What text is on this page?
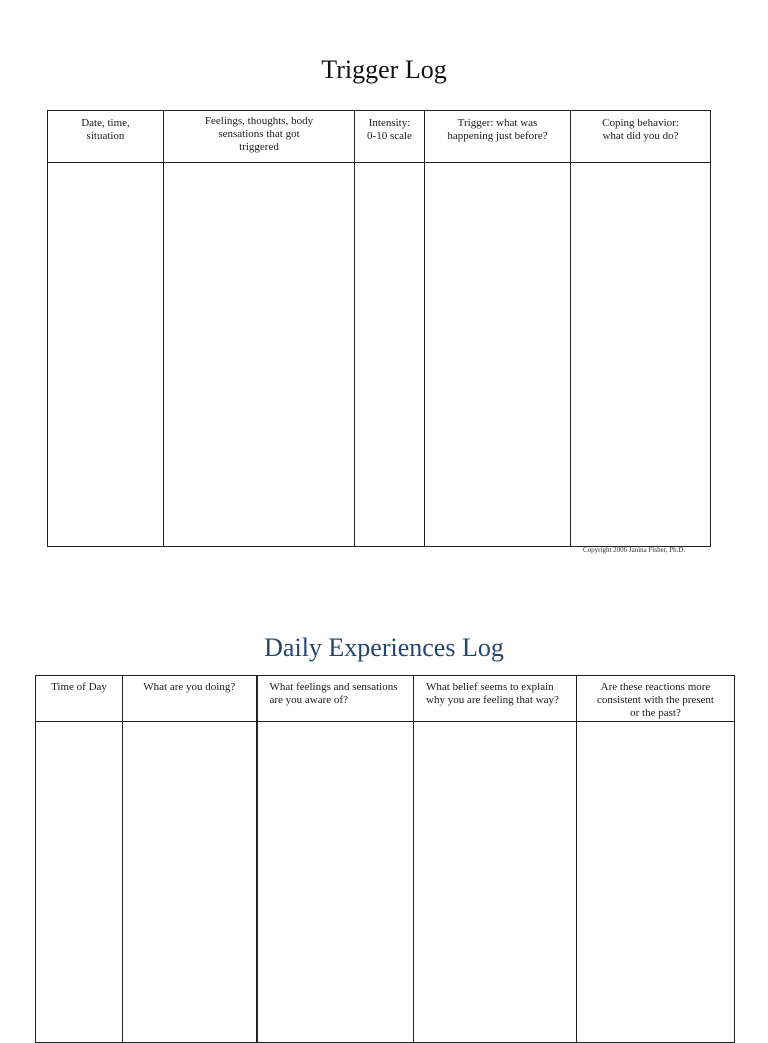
Trigger Log
Date, time,
situation	Feelings, thoughts, body
sensations that got
triggered	Intensity:
0-10 scale	Trigger: what was
happening just before?	Coping behavior:
what did you do?

Copyright 2006 Janina Fisher, Ph.D.
Daily Experiences Log
Time of Day	What are you doing?	What feelings and sensations
are you aware of?	What belief seems to explain
why you are feeling that way?	Are these reactions more
consistent with the present
or the past?
